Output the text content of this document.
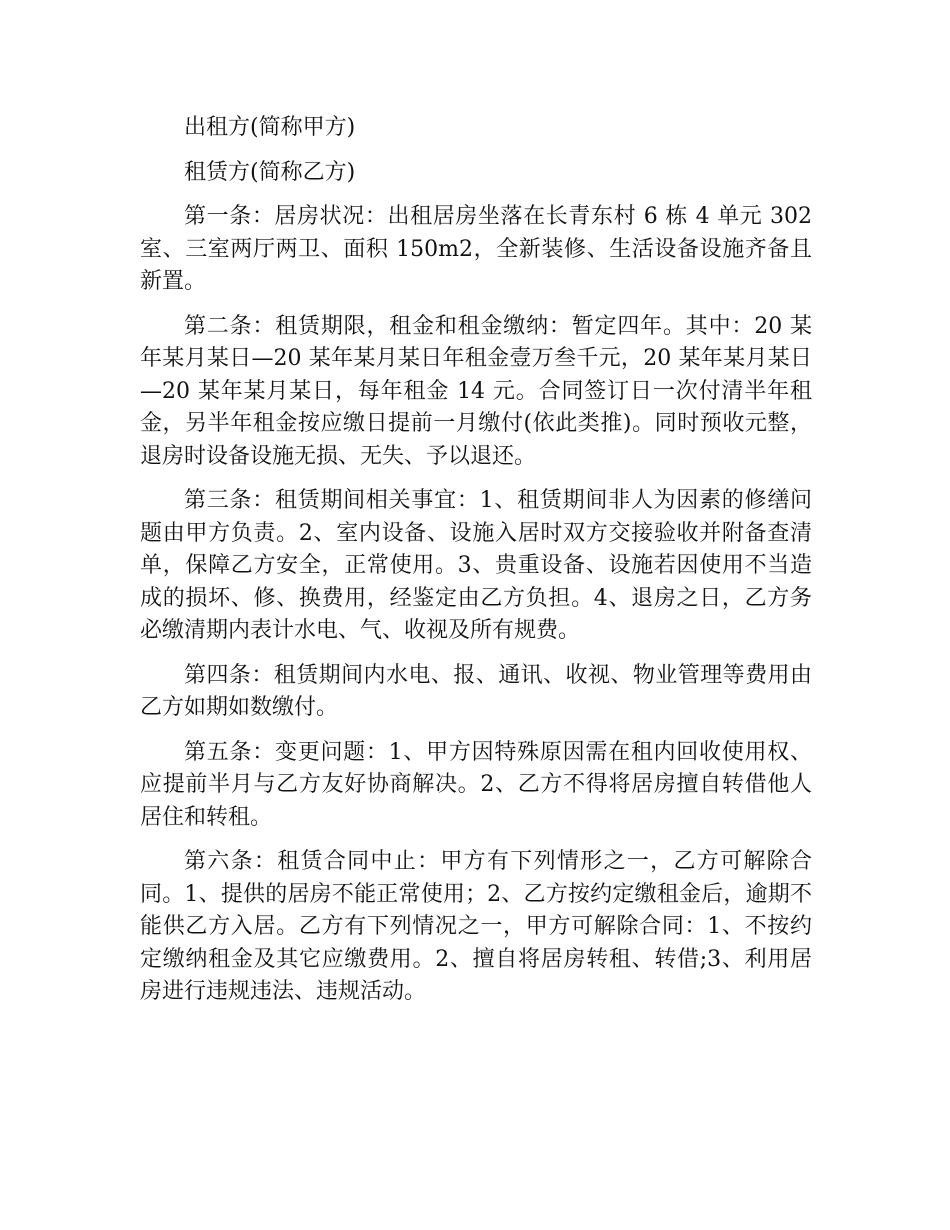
出租方(简称甲方)

租赁方(简称乙方)

第一条：居房状况：出租居房坐落在长青东村 6 栋 4 单元 302 室、三室两厅两卫、面积 150m2，全新装修、生活设备设施齐备且新置。

第二条：租赁期限，租金和租金缴纳：暂定四年。其中：20 某年某月某日—20 某年某月某日年租金壹万叁千元，20 某年某月某日—20 某年某月某日，每年租金 14 元。合同签订日一次付清半年租金，另半年租金按应缴日提前一月缴付(依此类推)。同时预收元整，退房时设备设施无损、无失、予以退还。

第三条：租赁期间相关事宜：1、租赁期间非人为因素的修缮问题由甲方负责。2、室内设备、设施入居时双方交接验收并附备查清单，保障乙方安全，正常使用。3、贵重设备、设施若因使用不当造成的损坏、修、换费用，经鉴定由乙方负担。4、退房之日，乙方务必缴清期内表计水电、气、收视及所有规费。

第四条：租赁期间内水电、报、通讯、收视、物业管理等费用由乙方如期如数缴付。

第五条：变更问题：1、甲方因特殊原因需在租内回收使用权、应提前半月与乙方友好协商解决。2、乙方不得将居房擅自转借他人居住和转租。

第六条：租赁合同中止：甲方有下列情形之一，乙方可解除合同。1、提供的居房不能正常使用；2、乙方按约定缴租金后，逾期不能供乙方入居。乙方有下列情况之一，甲方可解除合同：1、不按约定缴纳租金及其它应缴费用。2、擅自将居房转租、转借;3、利用居房进行违规违法、违规活动。
